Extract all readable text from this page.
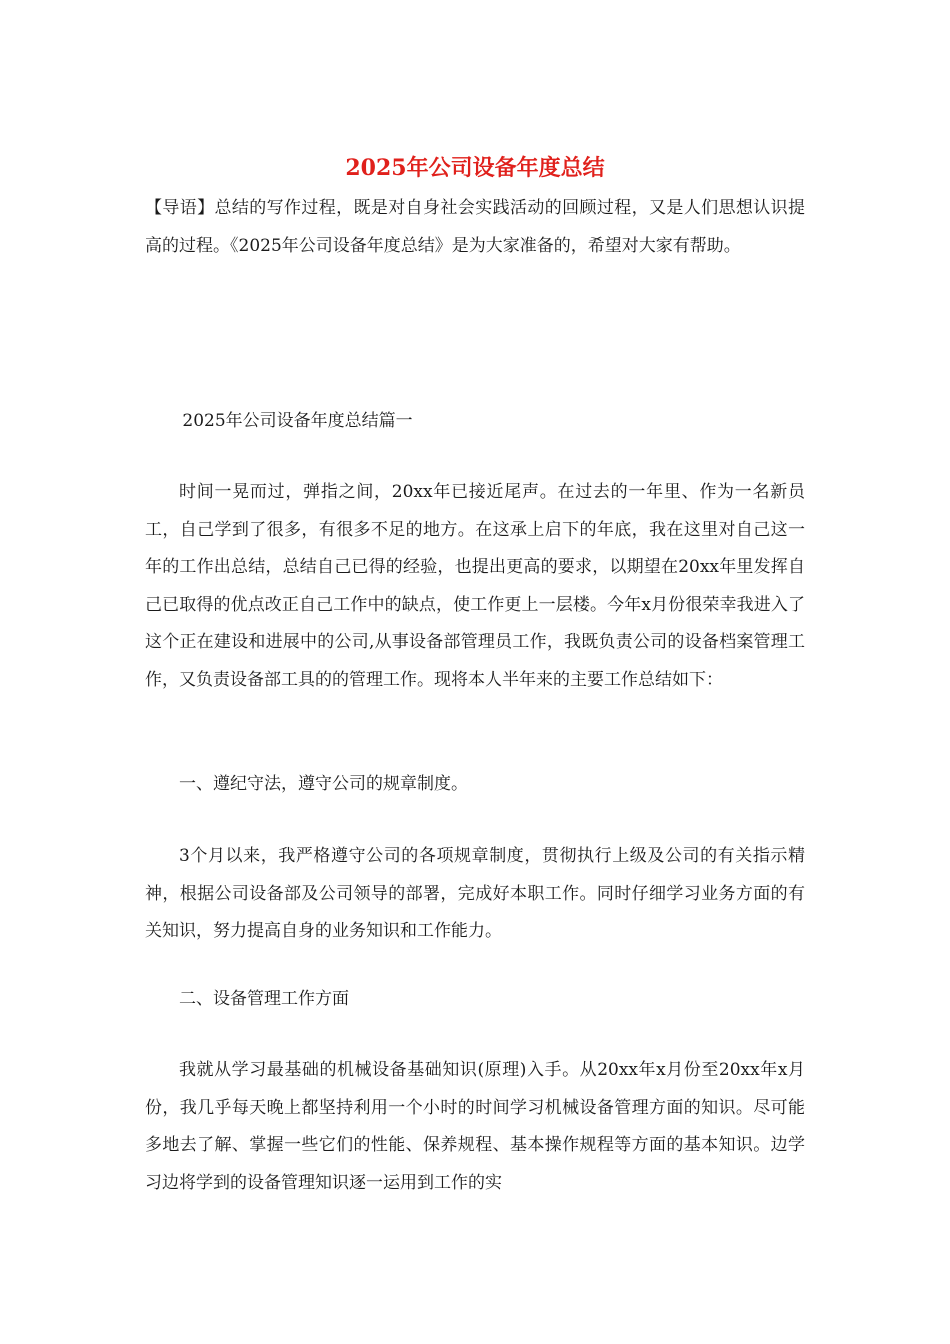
2025年公司设备年度总结

【导语】总结的写作过程，既是对自身社会实践活动的回顾过程，又是人们思想认识提高的过程。《2025年公司设备年度总结》是为大家准备的，希望对大家有帮助。

2025年公司设备年度总结篇一

时间一晃而过，弹指之间，20xx年已接近尾声。在过去的一年里、作为一名新员工，自己学到了很多，有很多不足的地方。在这承上启下的年底，我在这里对自己这一年的工作出总结，总结自己已得的经验，也提出更高的要求，以期望在20xx年里发挥自己已取得的优点改正自己工作中的缺点，使工作更上一层楼。今年x月份很荣幸我进入了这个正在建设和进展中的公司,从事设备部管理员工作，我既负责公司的设备档案管理工作，又负责设备部工具的的管理工作。现将本人半年来的主要工作总结如下：

一、遵纪守法，遵守公司的规章制度。

3个月以来，我严格遵守公司的各项规章制度，贯彻执行上级及公司的有关指示精神，根据公司设备部及公司领导的部署，完成好本职工作。同时仔细学习业务方面的有关知识，努力提高自身的业务知识和工作能力。

二、设备管理工作方面

我就从学习最基础的机械设备基础知识(原理)入手。从20xx年x月份至20xx年x月份，我几乎每天晚上都坚持利用一个小时的时间学习机械设备管理方面的知识。尽可能多地去了解、掌握一些它们的性能、保养规程、基本操作规程等方面的基本知识。边学习边将学到的设备管理知识逐一运用到工作的实
